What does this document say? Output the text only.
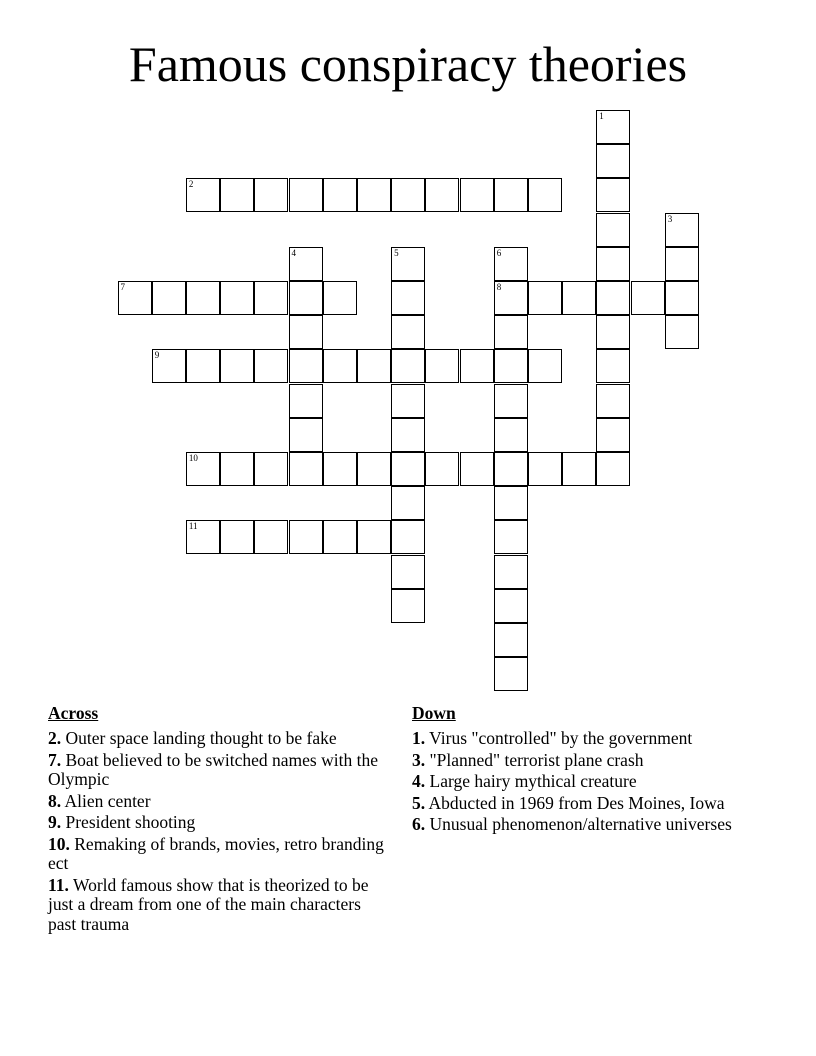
Famous conspiracy theories
1
2
3
4	5	6
8
7
9
10
11
Across
2. Outer space landing thought to be fake
7. Boat believed to be switched names with the Olympic
8. Alien center
9. President shooting
10. Remaking of brands, movies, retro branding ect
11. World famous show that is theorized to be just a dream from one of the main characters past trauma
Down
1. Virus "controlled" by the government
3. "Planned" terrorist plane crash
4. Large hairy mythical creature
5. Abducted in 1969 from Des Moines, Iowa
6. Unusual phenomenon/alternative universes
